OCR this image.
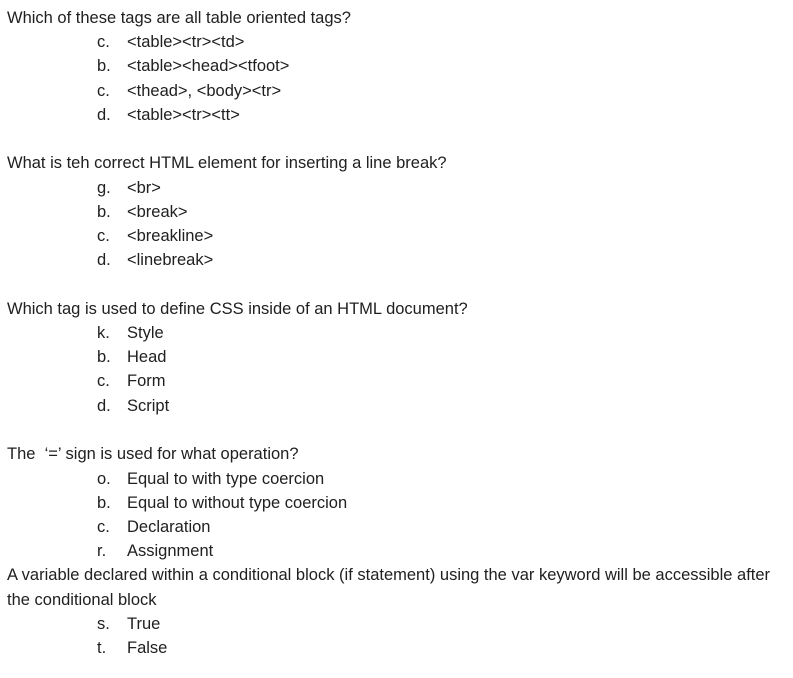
Which of these tags are all table oriented tags?

c.	<table><tr><td>
b. <table><head><tfoot>
c.	<thead>, <body><tr>
d. <table><tr><tt>

What is teh correct HTML element for inserting a line break?

g. <br>
b. <break>
c.	<breakline>
d. <linebreak>

Which tag is used to define CSS inside of an HTML document?

k.	Style
b. Head
c.	Form
d. Script

The  ‘=’ sign is used for what operation?

o. Equal to with type coercion
b. Equal to without type coercion
c.	Declaration
r.	Assignment

A variable declared within a conditional block (if statement) using the var keyword will be accessible after the conditional block

s.	True
t.	False
